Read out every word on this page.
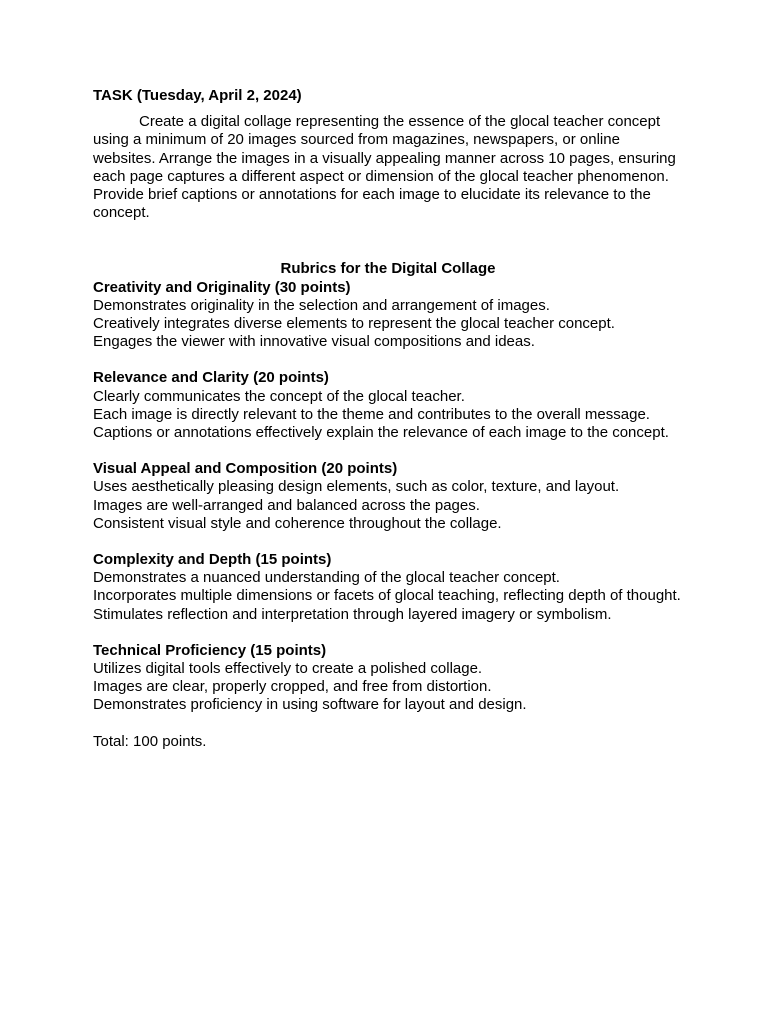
TASK (Tuesday, April 2, 2024)

Create a digital collage representing the essence of the glocal teacher concept using a minimum of 20 images sourced from magazines, newspapers, or online websites. Arrange the images in a visually appealing manner across 10 pages, ensuring each page captures a different aspect or dimension of the glocal teacher phenomenon. Provide brief captions or annotations for each image to elucidate its relevance to the concept.

Rubrics for the Digital Collage

Creativity and Originality (30 points)

Demonstrates originality in the selection and arrangement of images.

Creatively integrates diverse elements to represent the glocal teacher concept.

Engages the viewer with innovative visual compositions and ideas.

Relevance and Clarity (20 points)

Clearly communicates the concept of the glocal teacher.

Each image is directly relevant to the theme and contributes to the overall message.

Captions or annotations effectively explain the relevance of each image to the concept.

Visual Appeal and Composition (20 points)

Uses aesthetically pleasing design elements, such as color, texture, and layout.

Images are well-arranged and balanced across the pages.

Consistent visual style and coherence throughout the collage.

Complexity and Depth (15 points)

Demonstrates a nuanced understanding of the glocal teacher concept.

Incorporates multiple dimensions or facets of glocal teaching, reflecting depth of thought.

Stimulates reflection and interpretation through layered imagery or symbolism.

Technical Proficiency (15 points)

Utilizes digital tools effectively to create a polished collage.

Images are clear, properly cropped, and free from distortion.

Demonstrates proficiency in using software for layout and design.

Total: 100 points.
